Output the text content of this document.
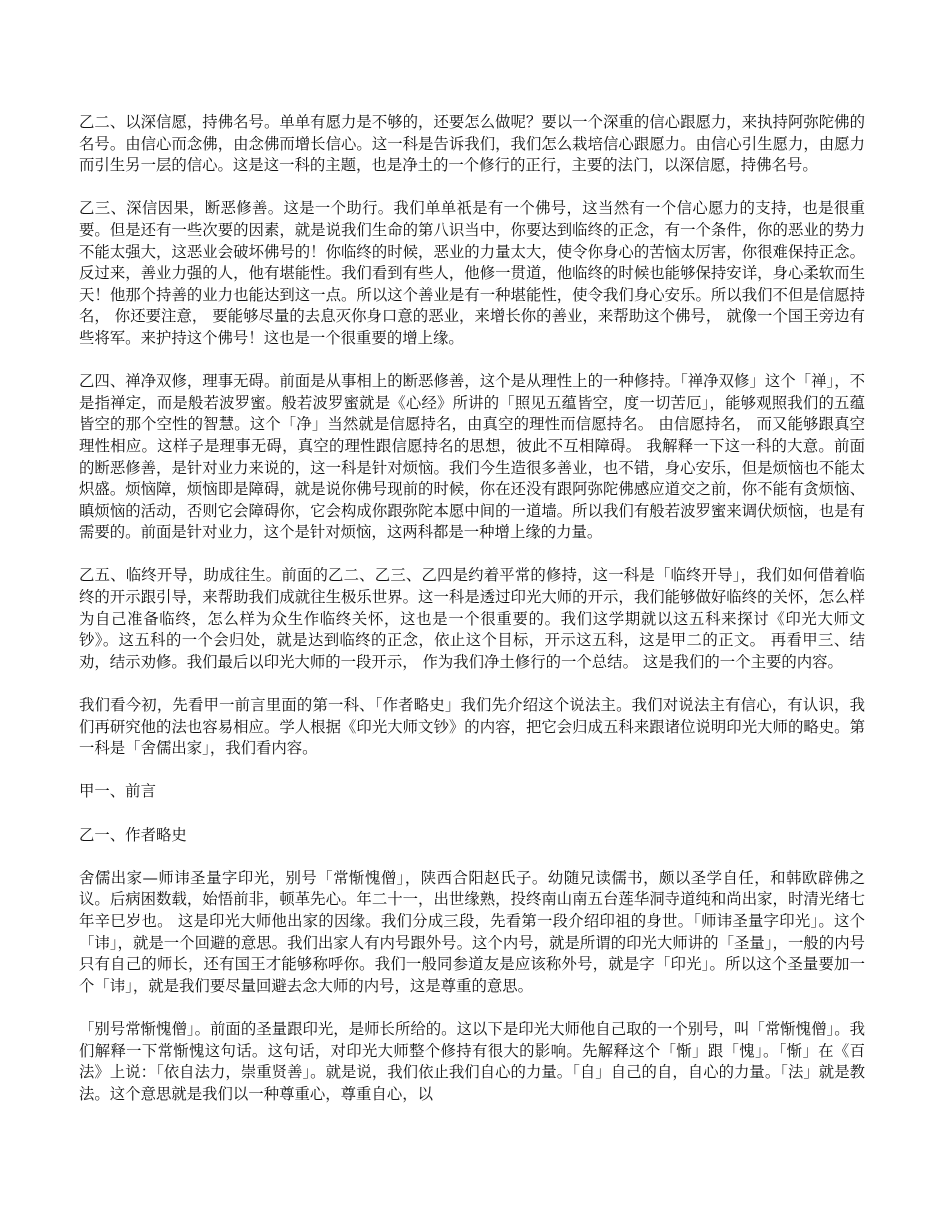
乙二、以深信愿，持佛名号。单单有愿力是不够的，还要怎么做呢？要以一个深重的信心跟愿力，来执持阿弥陀佛的名号。由信心而念佛，由念佛而增长信心。这一科是告诉我们，我们怎么栽培信心跟愿力。由信心引生愿力，由愿力而引生另一层的信心。这是这一科的主题，也是净土的一个修行的正行，主要的法门，以深信愿，持佛名号。

乙三、深信因果，断恶修善。这是一个助行。我们单单祇是有一个佛号，这当然有一个信心愿力的支持，也是很重要。但是还有一些次要的因素，就是说我们生命的第八识当中，你要达到临终的正念，有一个条件，你的恶业的势力不能太强大，这恶业会破坏佛号的！你临终的时候，恶业的力量太大，使令你身心的苦恼太厉害，你很难保持正念。反过来，善业力强的人，他有堪能性。我们看到有些人，他修一贯道，他临终的时候也能够保持安详，身心柔软而生天！他那个持善的业力也能达到这一点。所以这个善业是有一种堪能性，使令我们身心安乐。所以我们不但是信愿持名， 你还要注意， 要能够尽量的去息灭你身口意的恶业，来增长你的善业，来帮助这个佛号， 就像一个国王旁边有些将军。来护持这个佛号！这也是一个很重要的增上缘。

乙四、禅净双修，理事无碍。前面是从事相上的断恶修善，这个是从理性上的一种修持。「禅净双修」这个「禅」，不是指禅定，而是般若波罗蜜。般若波罗蜜就是《心经》所讲的「照见五蕴皆空，度一切苦厄」，能够观照我们的五蕴皆空的那个空性的智慧。这个「净」当然就是信愿持名，由真空的理性而信愿持名。 由信愿持名， 而又能够跟真空理性相应。这样子是理事无碍，真空的理性跟信愿持名的思想，彼此不互相障碍。 我解释一下这一科的大意。前面的断恶修善，是针对业力来说的，这一科是针对烦恼。我们今生造很多善业，也不错，身心安乐，但是烦恼也不能太炽盛。烦恼障，烦恼即是障碍，就是说你佛号现前的时候，你在还没有跟阿弥陀佛感应道交之前，你不能有贪烦恼、瞋烦恼的活动，否则它会障碍你，它会构成你跟弥陀本愿中间的一道墙。所以我们有般若波罗蜜来调伏烦恼，也是有需要的。前面是针对业力，这个是针对烦恼，这两科都是一种增上缘的力量。

乙五、临终开导，助成往生。前面的乙二、乙三、乙四是约着平常的修持，这一科是「临终开导」，我们如何借着临终的开示跟引导，来帮助我们成就往生极乐世界。这一科是透过印光大师的开示，我们能够做好临终的关怀，怎么样为自己准备临终，怎么样为众生作临终关怀，这也是一个很重要的。我们这学期就以这五科来探讨《印光大师文钞》。这五科的一个会归处，就是达到临终的正念，依止这个目标，开示这五科，这是甲二的正文。 再看甲三、结劝，结示劝修。我们最后以印光大师的一段开示， 作为我们净土修行的一个总结。 这是我们的一个主要的内容。

我们看今初，先看甲一前言里面的第一科、「作者略史」我们先介绍这个说法主。我们对说法主有信心，有认识，我们再研究他的法也容易相应。学人根据《印光大师文钞》的内容，把它会归成五科来跟诸位说明印光大师的略史。第一科是「舍儒出家」，我们看内容。

甲一、前言

乙一、作者略史

舍儒出家—师讳圣量字印光，别号「常惭愧僧」，陕西合阳赵氏子。幼随兄读儒书，颇以圣学自任，和韩欧辟佛之议。后病困数载，始悟前非，顿革先心。年二十一，出世缘熟，投终南山南五台莲华洞寺道纯和尚出家，时清光绪七年辛巳岁也。 这是印光大师他出家的因缘。我们分成三段，先看第一段介绍印祖的身世。「师讳圣量字印光」。这个「讳」，就是一个回避的意思。我们出家人有内号跟外号。这个内号，就是所谓的印光大师讲的「圣量」，一般的内号只有自己的师长，还有国王才能够称呼你。我们一般同参道友是应该称外号，就是字「印光」。所以这个圣量要加一个「讳」，就是我们要尽量回避去念大师的内号，这是尊重的意思。

「别号常惭愧僧」。前面的圣量跟印光，是师长所给的。这以下是印光大师他自己取的一个别号，叫「常惭愧僧」。我们解释一下常惭愧这句话。这句话，对印光大师整个修持有很大的影响。先解释这个「惭」跟「愧」。「惭」在《百法》上说：「依自法力，崇重贤善」。就是说，我们依止我们自心的力量。「自」自己的自，自心的力量。「法」就是教法。这个意思就是我们以一种尊重心，尊重自心，以
